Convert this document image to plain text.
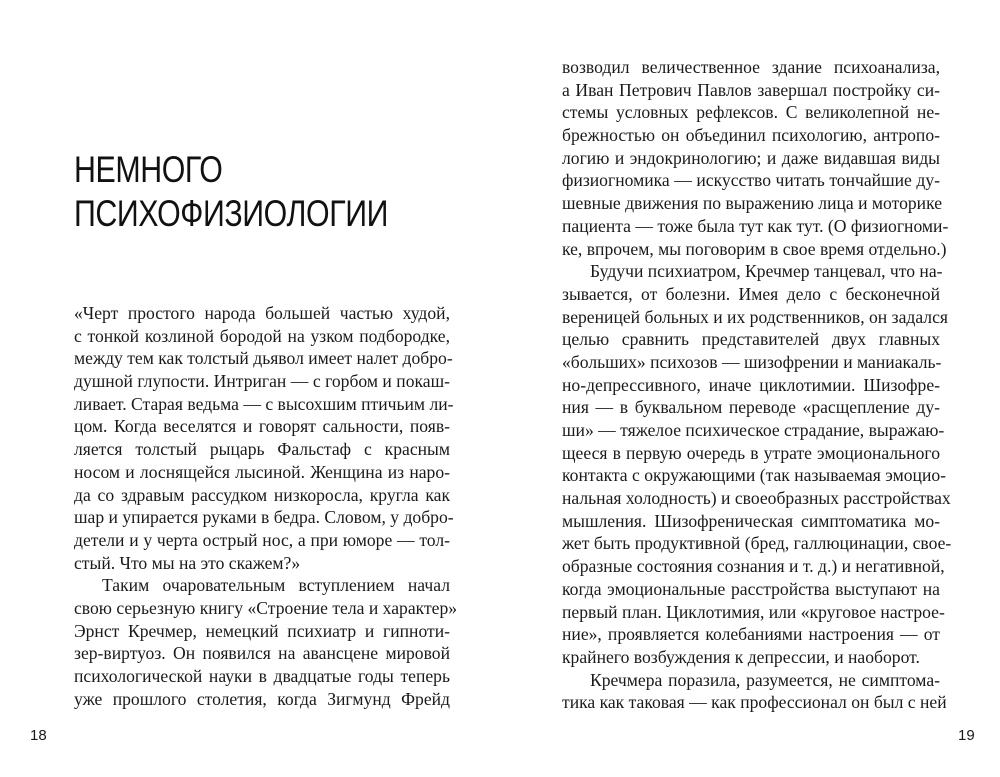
НЕМНОГО
ПСИХОФИЗИОЛОГИИ

«Черт простого народа большей частью худой,
с тонкой козлиной бородой на узком подбородке,
между тем как толстый дьявол имеет налет добро-
душной глупости. Интриган — с горбом и покаш-
ливает. Старая ведьма — с высохшим птичьим ли-
цом. Когда веселятся и говорят сальности, появ-
ляется толстый рыцарь Фальстаф с красным
носом и лоснящейся лысиной. Женщина из наро-
да со здравым рассудком низкоросла, кругла как
шар и упирается руками в бедра. Словом, у добро-
детели и у черта острый нос, а при юморе — тол-
стый. Что мы на это скажем?»

Таким очаровательным вступлением начал
свою серьезную книгу «Строение тела и характер»
Эрнст Кречмер, немецкий психиатр и гипноти-
зер-виртуоз. Он появился на авансцене мировой
психологической науки в двадцатые годы теперь
уже прошлого столетия, когда Зигмунд Фрейд

18

возводил величественное здание психоанализа,
а Иван Петрович Павлов завершал постройку си-
стемы условных рефлексов. С великолепной не-
брежностью он объединил психологию, антропо-
логию и эндокринологию; и даже видавшая виды
физиогномика — искусство читать тончайшие ду-
шевные движения по выражению лица и моторике
пациента — тоже была тут как тут. (О физиогноми-
ке, впрочем, мы поговорим в свое время отдельно.)

Будучи психиатром, Кречмер танцевал, что на-
зывается, от болезни. Имея дело с бесконечной
вереницей больных и их родственников, он задался
целью сравнить представителей двух главных
«больших» психозов — шизофрении и маниакаль-
но-депрессивного, иначе циклотимии. Шизофре-
ния — в буквальном переводе «расщепление ду-
ши» — тяжелое психическое страдание, выражаю-
щееся в первую очередь в утрате эмоционального
контакта с окружающими (так называемая эмоцио-
нальная холодность) и своеобразных расстройствах
мышления. Шизофреническая симптоматика мо-
жет быть продуктивной (бред, галлюцинации, свое-
образные состояния сознания и т. д.) и негативной,
когда эмоциональные расстройства выступают на
первый план. Циклотимия, или «круговое настрое-
ние», проявляется колебаниями настроения — от
крайнего возбуждения к депрессии, и наоборот.

Кречмера поразила, разумеется, не симптома-
тика как таковая — как профессионал он был с ней

19
